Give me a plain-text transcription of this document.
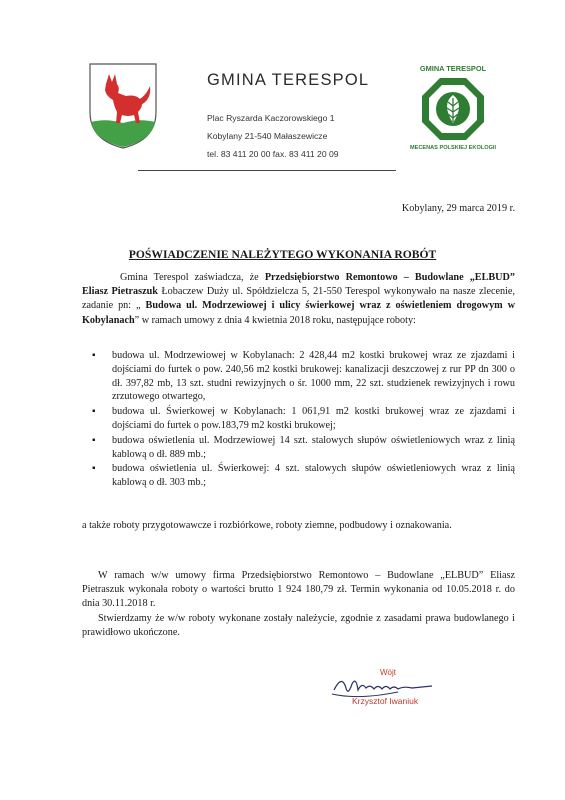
GMINA TERESPOL
Plac Ryszarda Kaczorowskiego 1
Kobylany 21-540 Małaszewicze
tel. 83 411 20 00 fax. 83 411 20 09
GMINA TERESPOL
MECENAS POLSKIEJ EKOLOGII
Kobylany, 29 marca 2019 r.
POŚWIADCZENIE NALEŻYTEGO WYKONANIA ROBÓT

Gmina Terespol zaświadcza, że Przedsiębiorstwo Remontowo – Budowlane „ELBUD” Eliasz Pietraszuk Łobaczew Duży ul. Spółdzielcza 5, 21-550 Terespol wykonywało na nasze zlecenie, zadanie pn: „ Budowa ul. Modrzewiowej i ulicy świerkowej wraz z oświetleniem drogowym w Kobylanach” w ramach umowy z dnia 4 kwietnia 2018 roku, następujące roboty:

▪ budowa ul. Modrzewiowej w Kobylanach: 2 428,44 m2 kostki brukowej wraz ze zjazdami i dojściami do furtek o pow. 240,56 m2 kostki brukowej: kanalizacji deszczowej z rur PP dn 300 o dł. 397,82 mb, 13 szt. studni rewizyjnych o śr. 1000 mm, 22 szt. studzienek rewizyjnych i rowu zrzutowego otwartego,
▪ budowa ul. Świerkowej w Kobylanach: 1 061,91 m2 kostki brukowej wraz ze zjazdami i dojściami do furtek o pow.183,79 m2 kostki brukowej;
▪ budowa oświetlenia ul. Modrzewiowej 14 szt. stalowych słupów oświetleniowych wraz z linią kablową o dł. 889 mb.;
▪ budowa oświetlenia ul. Świerkowej: 4 szt. stalowych słupów oświetleniowych wraz z linią kablową o dł. 303 mb.;
a także roboty przygotowawcze i rozbiórkowe, roboty ziemne, podbudowy i oznakowania.

W ramach w/w umowy firma Przedsiębiorstwo Remontowo – Budowlane „ELBUD” Eliasz Pietraszuk wykonała roboty o wartości brutto 1 924 180,79 zł. Termin wykonania od 10.05.2018 r. do dnia 30.11.2018 r.

Stwierdzamy że w/w roboty wykonane zostały należycie, zgodnie z zasadami prawa budowlanego i prawidłowo ukończone.

Wójt
Krzysztof Iwaniuk
